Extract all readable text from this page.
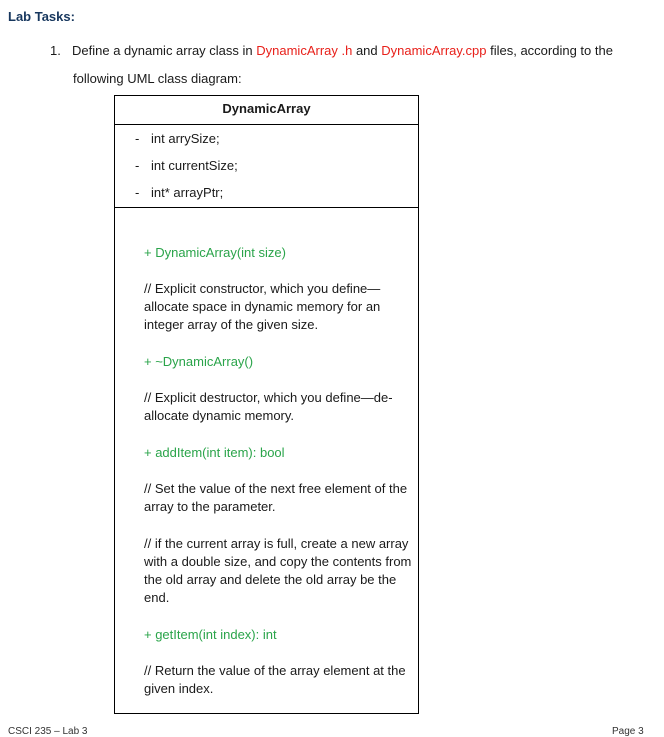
Lab Tasks:
1. Define a dynamic array class in DynamicArray .h and DynamicArray.cpp files, according to the
following UML class diagram:
DynamicArray
- int arrySize;
- int currentSize;
- int* arrayPtr;
+ DynamicArray(int size)
// Explicit constructor, which you define— allocate space in dynamic memory for an integer array of the given size.
+ ~DynamicArray()
// Explicit destructor, which you define—de-allocate dynamic memory.
+ addItem(int item): bool
// Set the value of the next free element of the array to the parameter.
// if the current array is full, create a new array with a double size, and copy the contents from the old array and delete the old array be the end.
+ getItem(int index): int
// Return the value of the array element at the given index.
CSCI 235 – Lab 3	Page 3
